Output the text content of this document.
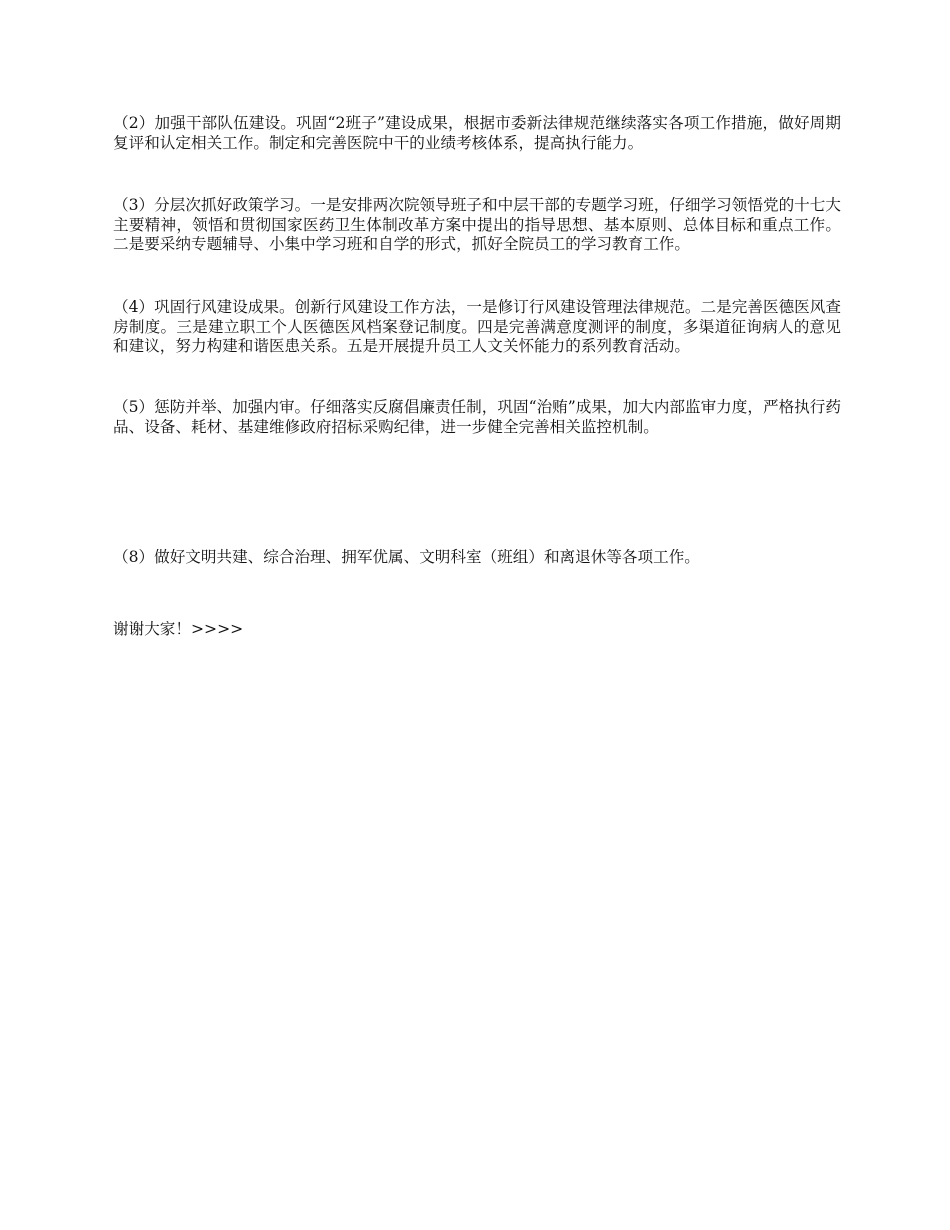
（2）加强干部队伍建设。巩固“2班子”建设成果，根据市委新法律规范继续落实各项工作措施，做好周期复评和认定相关工作。制定和完善医院中干的业绩考核体系，提高执行能力。

（3）分层次抓好政策学习。一是安排两次院领导班子和中层干部的专题学习班，仔细学习领悟党的十七大主要精神，领悟和贯彻国家医药卫生体制改革方案中提出的指导思想、基本原则、总体目标和重点工作。二是要采纳专题辅导、小集中学习班和自学的形式，抓好全院员工的学习教育工作。

（4）巩固行风建设成果。创新行风建设工作方法，一是修订行风建设管理法律规范。二是完善医德医风查房制度。三是建立职工个人医德医风档案登记制度。四是完善满意度测评的制度，多渠道征询病人的意见和建议，努力构建和谐医患关系。五是开展提升员工人文关怀能力的系列教育活动。

（5）惩防并举、加强内审。仔细落实反腐倡廉责任制，巩固“治贿”成果，加大内部监审力度，严格执行药品、设备、耗材、基建维修政府招标采购纪律，进一步健全完善相关监控机制。

（8）做好文明共建、综合治理、拥军优属、文明科室（班组）和离退休等各项工作。

谢谢大家！>>>>
